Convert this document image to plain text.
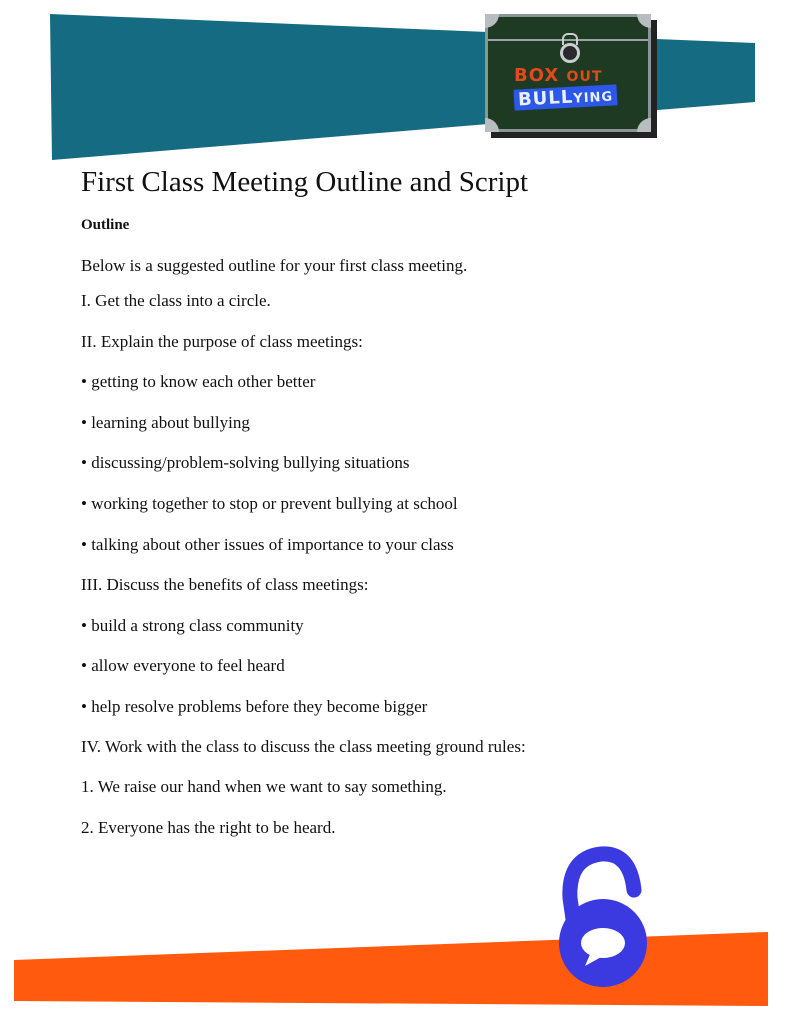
BOX OUT
BULLYING
First Class Meeting Outline and Script
Outline

Below is a suggested outline for your first class meeting.

I. Get the class into a circle.

II. Explain the purpose of class meetings:

• getting to know each other better

• learning about bullying

• discussing/problem-solving bullying situations

• working together to stop or prevent bullying at school

• talking about other issues of importance to your class

III. Discuss the benefits of class meetings:

• build a strong class community

• allow everyone to feel heard

• help resolve problems before they become bigger

IV. Work with the class to discuss the class meeting ground rules:

1. We raise our hand when we want to say something.

2. Everyone has the right to be heard.
